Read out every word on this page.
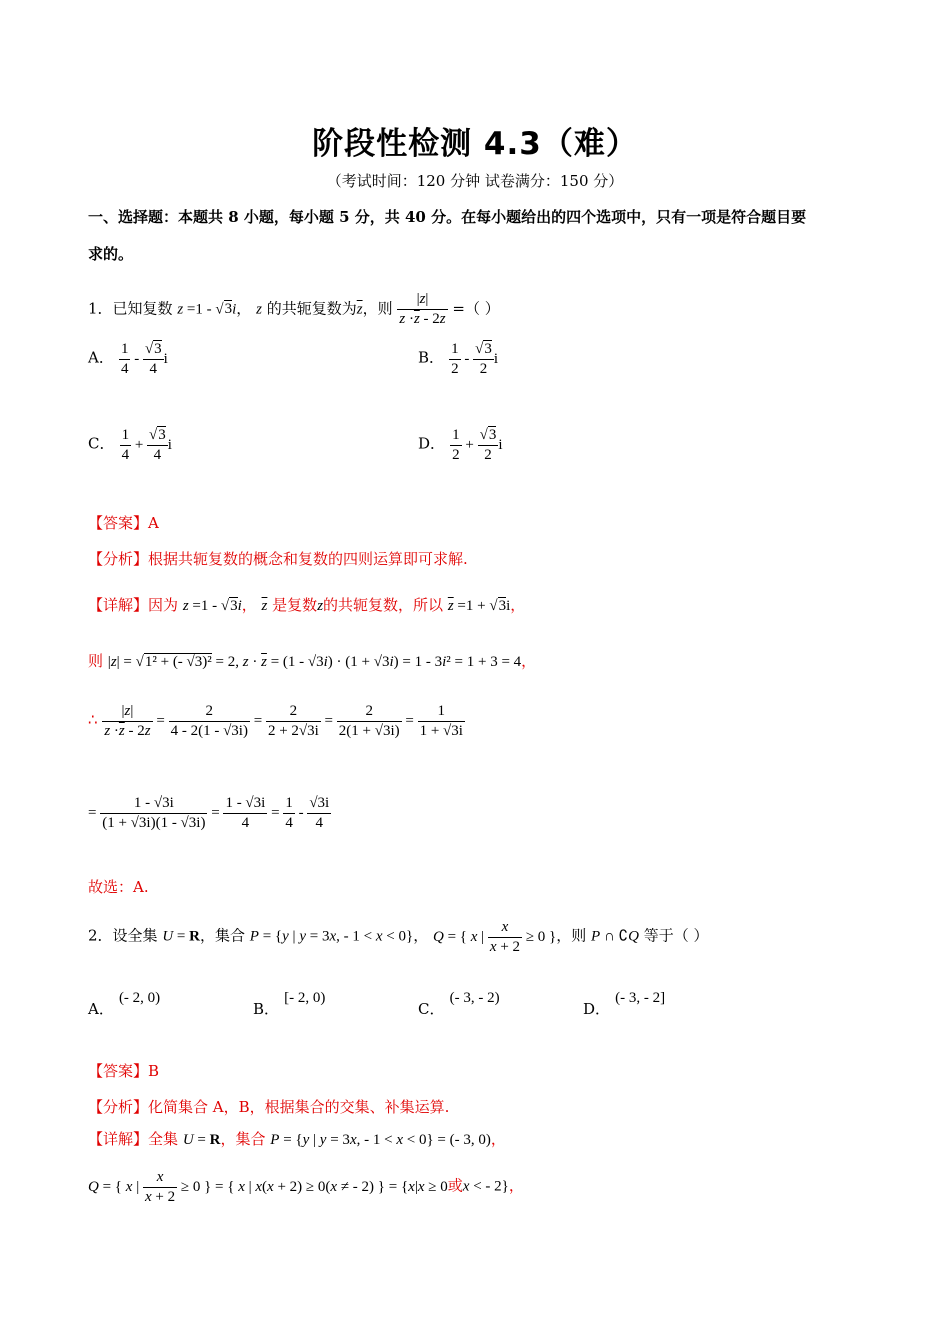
阶段性检测 4.3（难）
（考试时间：120 分钟 试卷满分：150 分）
一、选择题：本题共 8 小题，每小题 5 分，共 40 分。在每小题给出的四个选项中，只有一项是符合题目要
求的。
1．已知复数 z =1 - √3i， z 的共轭复数为$\overline{z}$，则 $\frac{|z|}{z \cdot\overline{z} - 2z}$ =（ ）
A． $\frac{1}{4} - \frac{√3}{4}$ i	B． $\frac{1}{2} - \frac{√3}{2}$ i
C． $\frac{1}{4} + \frac{√3}{4}$ i	D． $\frac{1}{2} + \frac{√3}{2}$ i
【答案】A
【分析】根据共轭复数的概念和复数的四则运算即可求解.
【详解】因为 z =1 - √3i， $\overline{z}$ 是复数z的共轭复数，所以 $\overline{z} =1 + √3i$，
则 |z| = √1² + (- √3)² = 2, $z \cdot \overline{z} = (1 - √3i) \cdot (1 + √3i) = 1 - 3i^2 = 1 + 3 = 4$，
∴ $\frac{|z|}{z \cdot\overline{z} - 2z} = \frac{2}{4 - 2(1 - √3i)} = \frac{2}{2 + 2√3i} = \frac{2}{2(1 + √3i)} = \frac{1}{1 + √3i}$
= $\frac{1 - √3i}{(1 + √3i)(1 - √3i)} = \frac{1 - √3i}{4} = \frac{1}{4} - \frac{√3i}{4}$
故选：A.
2．设全集 U = R，集合 P = {y | y = 3x, - 1 < x < 0}， Q = { x | $\frac{x}{x + 2} \ge 0$ }，则 P ∩ ∁Q 等于（ ）
A． (- 2, 0)
B． [- 2, 0)
C． (- 3, - 2)
D． (- 3, - 2]
【答案】B
【分析】化简集合 A，B，根据集合的交集、补集运算.
【详解】全集 U = R，集合 P = {y | y = 3x, - 1 < x < 0} = (- 3, 0)，
Q = { x | $\frac{x}{x + 2} \ge 0$ } = { x | x(x + 2) ≥ 0(x ≠ - 2) } = {x|x ≥ 0或x < - 2}，
